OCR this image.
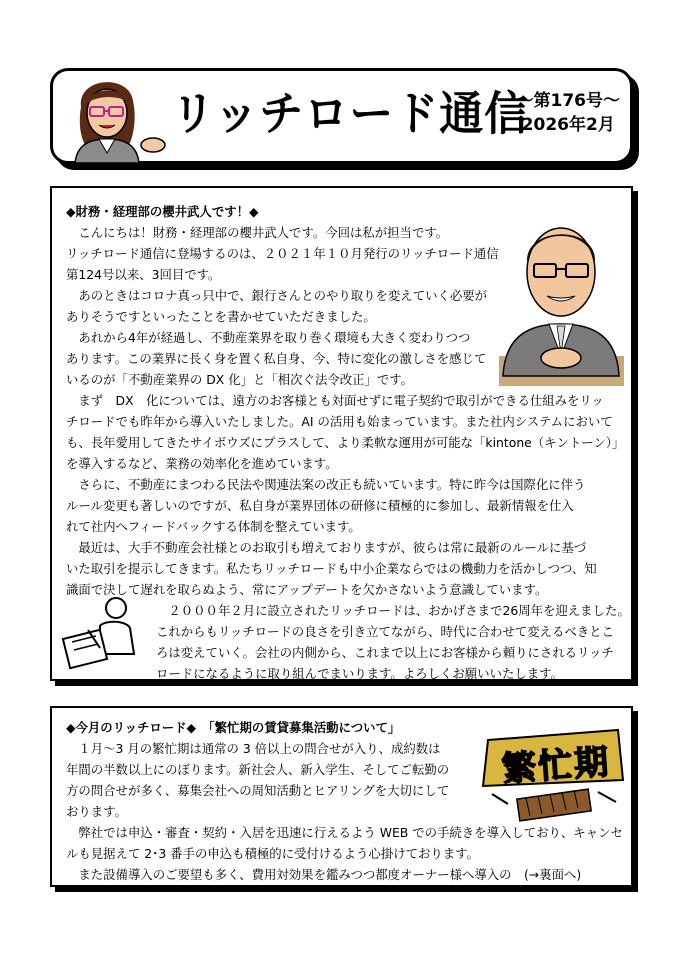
リッチロード通信
～第176号～
2026年2月
◆財務・経理部の櫻井武人です！◆
　こんにちは！財務・経理部の櫻井武人です。今回は私が担当です。
リッチロード通信に登場するのは、２０２１年１０月発行のリッチロード通信
第124号以来、3回目です。
　あのときはコロナ真っ只中で、銀行さんとのやり取りを変えていく必要が
ありそうですといったことを書かせていただきました。
　あれから4年が経過し、不動産業界を取り巻く環境も大きく変わりつつ
あります。この業界に長く身を置く私自身、今、特に変化の激しさを感じて
いるのが「不動産業界の DX 化」と「相次ぐ法令改正」です。
　まず　DX　化については、遠方のお客様とも対面せずに電子契約で取引ができる仕組みをリッ
チロードでも昨年から導入いたしました。AI の活用も始まっています。また社内システムにおいて
も、長年愛用してきたサイボウズにプラスして、より柔軟な運用が可能な「kintone（キントーン）」
を導入するなど、業務の効率化を進めています。
　さらに、不動産にまつわる民法や関連法案の改正も続いています。特に昨今は国際化に伴う
ルール変更も著しいのですが、私自身が業界団体の研修に積極的に参加し、最新情報を仕入
れて社内へフィードバックする体制を整えています。
　最近は、大手不動産会社様とのお取引も増えておりますが、彼らは常に最新のルールに基づ
いた取引を提示してきます。私たちリッチロードも中小企業ならではの機動力を活かしつつ、知
識面で決して遅れを取らぬよう、常にアップデートを欠かさないよう意識しています。
　２０００年２月に設立されたリッチロードは、おかげさまで26周年を迎えました。
これからもリッチロードの良さを引き立てながら、時代に合わせて変えるべきとこ
ろは変えていく。会社の内側から、これまで以上にお客様から頼りにされるリッチ
ロードになるように取り組んでまいります。よろしくお願いいたします。
◆今月のリッチロード◆　「繁忙期の賃貸募集活動について」
　１月～3 月の繁忙期は通常の 3 倍以上の問合せが入り、成約数は
年間の半数以上にのぼります。新社会人、新入学生、そしてご転勤の
方の問合せが多く、募集会社への周知活動とヒアリングを大切にして
おります。
　弊社では申込・審査・契約・入居を迅速に行えるよう WEB での手続きを導入しており、キャンセ
ルも見据えて 2･3 番手の申込も積極的に受付けるよう心掛けております。
　また設備導入のご要望も多く、費用対効果を鑑みつつ都度オーナー様へ導入の　(→裏面へ)
繁忙期
